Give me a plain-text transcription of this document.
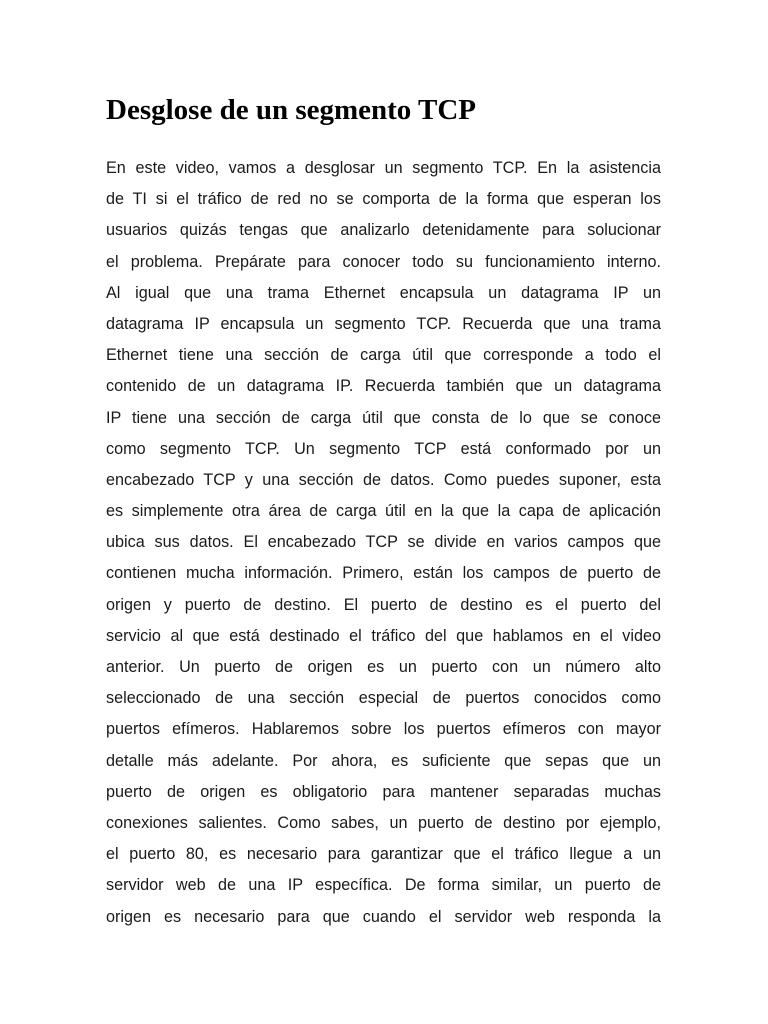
Desglose de un segmento TCP
En este video, vamos a desglosar un segmento TCP. En la asistencia
de TI si el tráfico de red no se comporta de la forma que esperan los
usuarios quizás tengas que analizarlo detenidamente para solucionar
el problema. Prepárate para conocer todo su funcionamiento interno.
Al igual que una trama Ethernet encapsula un datagrama IP un
datagrama IP encapsula un segmento TCP. Recuerda que una trama
Ethernet tiene una sección de carga útil que corresponde a todo el
contenido de un datagrama IP. Recuerda también que un datagrama
IP tiene una sección de carga útil que consta de lo que se conoce
como segmento TCP. Un segmento TCP está conformado por un
encabezado TCP y una sección de datos. Como puedes suponer, esta
es simplemente otra área de carga útil en la que la capa de aplicación
ubica sus datos. El encabezado TCP se divide en varios campos que
contienen mucha información. Primero, están los campos de puerto de
origen y puerto de destino. El puerto de destino es el puerto del
servicio al que está destinado el tráfico del que hablamos en el video
anterior. Un puerto de origen es un puerto con un número alto
seleccionado de una sección especial de puertos conocidos como
puertos efímeros. Hablaremos sobre los puertos efímeros con mayor
detalle más adelante. Por ahora, es suficiente que sepas que un
puerto de origen es obligatorio para mantener separadas muchas
conexiones salientes. Como sabes, un puerto de destino por ejemplo,
el puerto 80, es necesario para garantizar que el tráfico llegue a un
servidor web de una IP específica. De forma similar, un puerto de
origen es necesario para que cuando el servidor web responda la
